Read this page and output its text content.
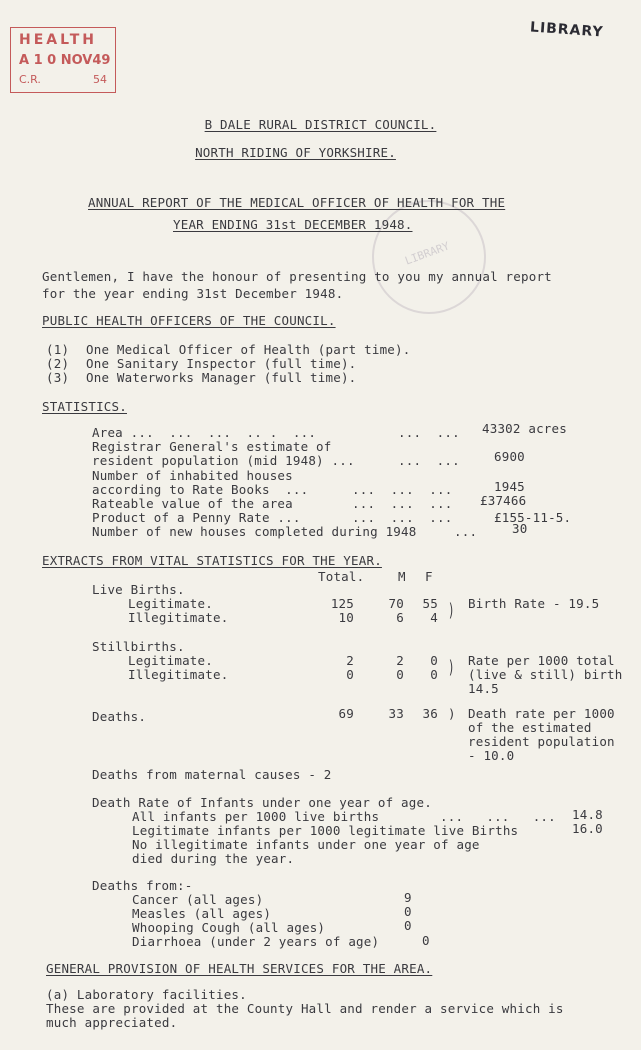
HEALTH
A 1 0 NOV49
C.R.	54
LIBRARY
LIBRARY
B DALE RURAL DISTRICT COUNCIL.
NORTH RIDING OF YORKSHIRE.
ANNUAL REPORT OF THE MEDICAL OFFICER OF HEALTH FOR THE
YEAR ENDING 31st DECEMBER 1948.
Gentlemen, I have the honour of presenting to you my annual report
for the year ending 31st December 1948.
PUBLIC HEALTH OFFICERS OF THE COUNCIL.
(1) One Medical Officer of Health (part time).
(2) One Sanitary Inspector (full time).
(3) One Waterworks Manager (full time).
STATISTICS.
Area ...  ...  ...  .. .  ...	...  ... 43302 acres
Registrar General's estimate of
resident population (mid 1948) ...	...  ... 6900
Number of inhabited houses
according to Rate Books  ...	...  ...  ...	1945
Rateable value of the area	...  ...  ... £37466
Product of a Penny Rate ...	...  ...  ...	£155-11-5.
Number of new houses completed during 1948	... 30
EXTRACTS FROM VITAL STATISTICS FOR THE YEAR.
Total.	M F
Live Births.
Legitimate.	125	70	55
Illegitimate.	10	6	4 ) Birth Rate - 19.5
Stillbirths.
Legitimate.	2	2	0
Illegitimate.	0	0	0 ) Rate per 1000 total
(live & still) birth
14.5
Deaths.	69	33	36 ) Death rate per 1000
of the estimated
resident population
- 10.0
Deaths from maternal causes - 2
Death Rate of Infants under one year of age.
All infants per 1000 live births	...   ...   ... 14.8
Legitimate infants per 1000 legitimate live Births	16.0
No illegitimate infants under one year of age
died during the year.
Deaths from:-
Cancer (all ages)	9
Measles (all ages)	0
Whooping Cough (all ages)	0
Diarrhoea (under 2 years of age)	0
GENERAL PROVISION OF HEALTH SERVICES FOR THE AREA.
(a) Laboratory facilities.
These are provided at the County Hall and render a service which is
much appreciated.
